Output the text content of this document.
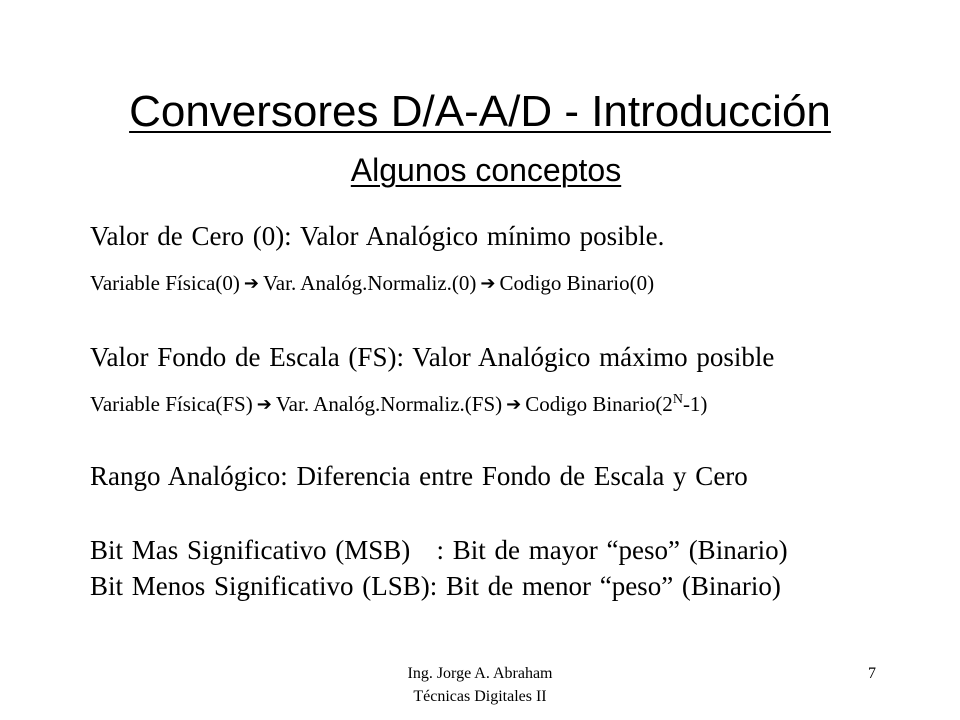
Conversores D/A-A/D - Introducción
Algunos conceptos
Valor de Cero (0): Valor Analógico mínimo posible.
Variable Física(0) ➔ Var. Analóg.Normaliz.(0) ➔ Codigo Binario(0)
Valor Fondo de Escala (FS): Valor Analógico máximo posible
Variable Física(FS) ➔ Var. Analóg.Normaliz.(FS) ➔ Codigo $Binario(2^N-1)$
Rango Analógico: Diferencia entre Fondo de Escala y Cero
Bit Mas Significativo (MSB)   : Bit de mayor “peso” (Binario)
Bit Menos Significativo (LSB): Bit de menor “peso” (Binario)
Ing. Jorge A. Abraham
Técnicas Digitales II
7
